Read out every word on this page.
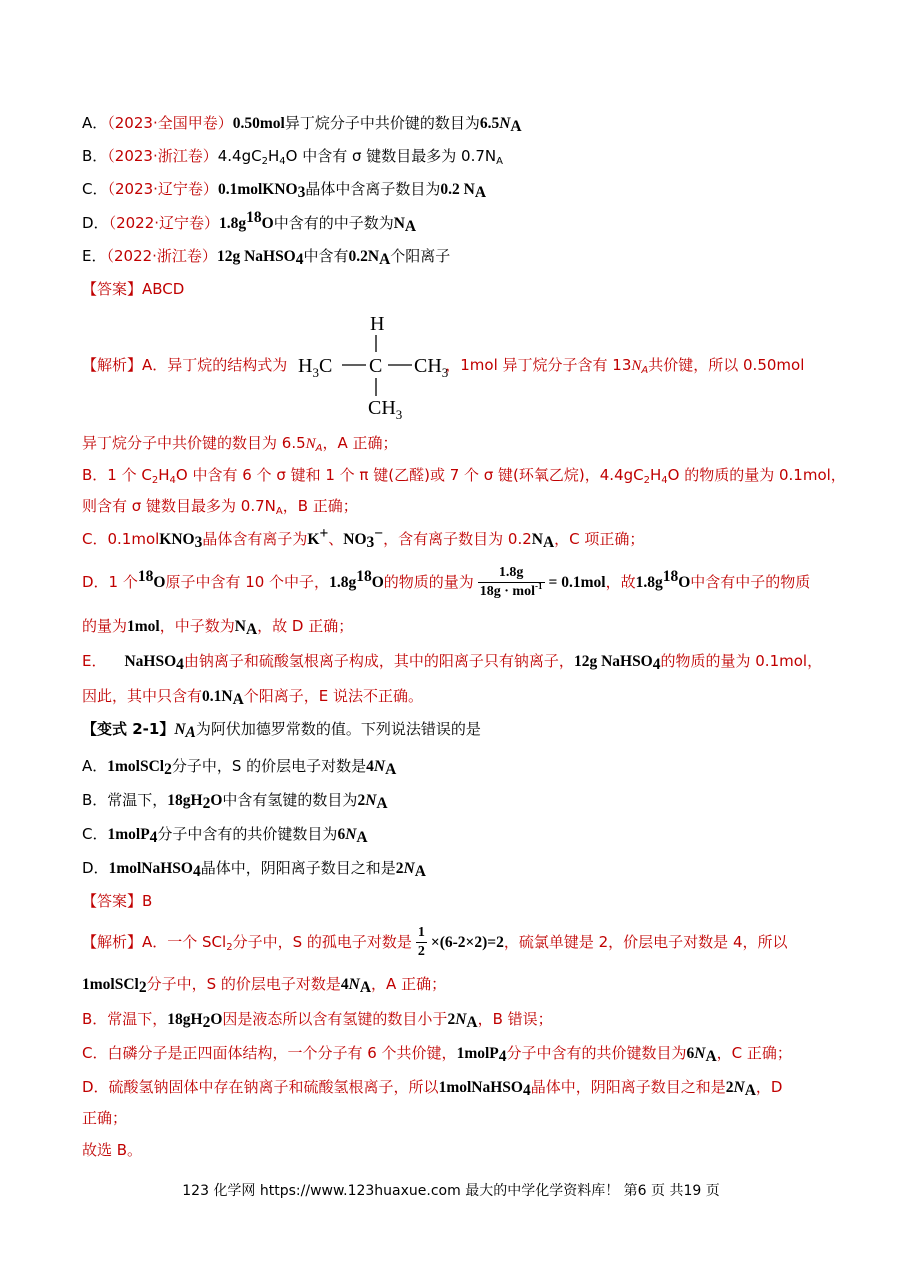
A．（2023·全国甲卷）0.50mol异丁烷分子中共价键的数目为$6.5N_A$
B．（2023·浙江卷）$4.4gC_2H_4O$ 中含有 σ 键数目最多为 $0.7N_A$
C．（2023·辽宁卷）0.1molKNO$_3$晶体中含离子数目为0.2 $N_A$
D．（2022·辽宁卷）$1.8g^{18}O$中含有的中子数为$N_A$
E．（2022·浙江卷）12g NaHSO$_4$中含有$0.2N_A$个阳离子
【答案】ABCD
H
$H_3C$ C $CH_3$
$CH_3$
【解析】A．异丁烷的结构式为	，1mol 异丁烷分子含有 $13N_A$共价键，所以 0.50mol
异丁烷分子中共价键的数目为 $6.5N_A$，A 正确；
B．1 个 $C_2H_4O$ 中含有 6 个 σ 键和 1 个 π 键(乙醛)或 7 个 σ 键(环氧乙烷)，$4.4gC_2H_4O$ 的物质的量为 0.1mol，
则含有 σ 键数目最多为 $0.7N_A$，B 正确；
C．0.1molKNO$_3$晶体含有离子为K+、$NO_3^-$，含有离子数目为 $0.2N_A$，C 项正确；
D．1 个$^{18}$O原子中含有 10 个中子，$1.8g^{18}O$的物质的量为 $\frac{1.8g}{18g \cdot mol^{-1}} = 0.1mol$，故$1.8g^{18}O$中含有中子的物质
的量为1mol，中子数为$N_A$，故 D 正确；
E． NaHSO$_4$由钠离子和硫酸氢根离子构成，其中的阳离子只有钠离子，12g NaHSO$_4$的物质的量为 0.1mol，
因此，其中只含有$0.1N_A$个阳离子，E 说法不正确。
【变式 2-1】$N_A$为阿伏加德罗常数的值。下列说法错误的是
A．1molSCl$_2$分子中，S 的价层电子对数是$4N_A$
B．常温下，$18gH_2O$中含有氢键的数目为$2N_A$
C．1molP$_4$分子中含有的共价键数目为$6N_A$
D．1molNaHSO$_4$晶体中，阴阳离子数目之和是$2N_A$
【答案】B
【解析】A．一个 SCl$_2$分子中，S 的孤电子对数是 $\frac{1}{2} \times(6-2\times 2)=2$，硫氯单键是 2，价层电子对数是 4，所以
1molSCl$_2$分子中，S 的价层电子对数是$4N_A$，A 正确；
B．常温下，$18gH_2O$因是液态所以含有氢键的数目小于$2N_A$，B 错误；
C．白磷分子是正四面体结构，一个分子有 6 个共价键，1molP$_4$分子中含有的共价键数目为$6N_A$，C 正确；
D．硫酸氢钠固体中存在钠离子和硫酸氢根离子，所以1molNaHSO$_4$晶体中，阴阳离子数目之和是$2N_A$，D
正确；
故选 B。
123 化学网 https://www.123huaxue.com 最大的中学化学资料库！ 第6 页 共19 页
